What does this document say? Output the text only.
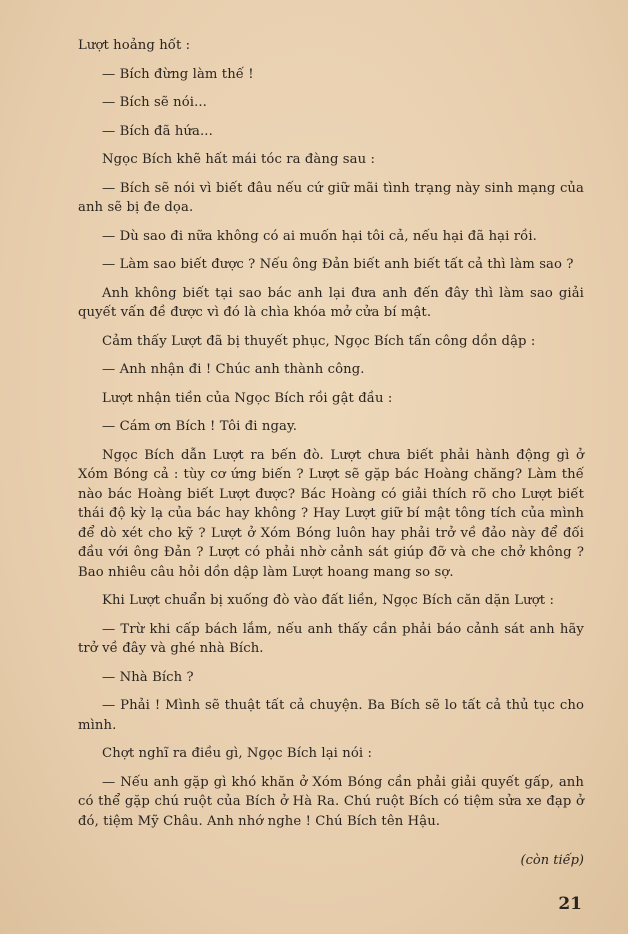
Lượt hoảng hốt :

— Bích đừng làm thế !

— Bích sẽ nói...

— Bích đã hứa...

Ngọc Bích khẽ hất mái tóc ra đàng sau :

— Bích sẽ nói vì biết đâu nếu cứ giữ mãi tình trạng này sinh mạng của anh sẽ bị đe dọa.

— Dù sao đi nữa không có ai muốn hại tôi cả, nếu hại đã hại rồi.

— Làm sao biết được ? Nếu ông Đản biết anh biết tất cả thì làm sao ?

Anh không biết tại sao bác anh lại đưa anh đến đây thì làm sao giải quyết vấn đề được vì đó là chìa khóa mở cửa bí mật.

Cảm thấy Lượt đã bị thuyết phục, Ngọc Bích tấn công dồn dập :

— Anh nhận đi ! Chúc anh thành công.

Lượt nhận tiền của Ngọc Bích rồi gật đầu :

— Cám ơn Bích ! Tôi đi ngay.

Ngọc Bích dẫn Lượt ra bến đò. Lượt chưa biết phải hành động gì ở Xóm Bóng cả : tùy cơ ứng biến ? Lượt sẽ gặp bác Hoàng chăng? Làm thế nào bác Hoàng biết Lượt được? Bác Hoàng có giải thích rõ cho Lượt biết thái độ kỳ lạ của bác hay không ? Hay Lượt giữ bí mật tông tích của mình để dò xét cho kỹ ? Lượt ở Xóm Bóng luôn hay phải trở về đảo này để đối đầu với ông Đản ? Lượt có phải nhờ cảnh sát giúp đỡ và che chở không ? Bao nhiêu câu hỏi dồn dập làm Lượt hoang mang so sợ.

Khi Lượt chuẩn bị xuống đò vào đất liền, Ngọc Bích căn dặn Lượt :

— Trừ khi cấp bách lắm, nếu anh thấy cần phải báo cảnh sát anh hãy trở về đây và ghé nhà Bích.

— Nhà Bích ?

— Phải ! Mình sẽ thuật tất cả chuyện. Ba Bích sẽ lo tất cả thủ tục cho mình.

Chợt nghĩ ra điều gì, Ngọc Bích lại nói :

— Nếu anh gặp gì khó khăn ở Xóm Bóng cần phải giải quyết gấp, anh có thể gặp chú ruột của Bích ở Hà Ra. Chú ruột Bích có tiệm sửa xe đạp ở đó, tiệm Mỹ Châu. Anh nhớ nghe ! Chú Bích tên Hậu.

(còn tiếp)

21
